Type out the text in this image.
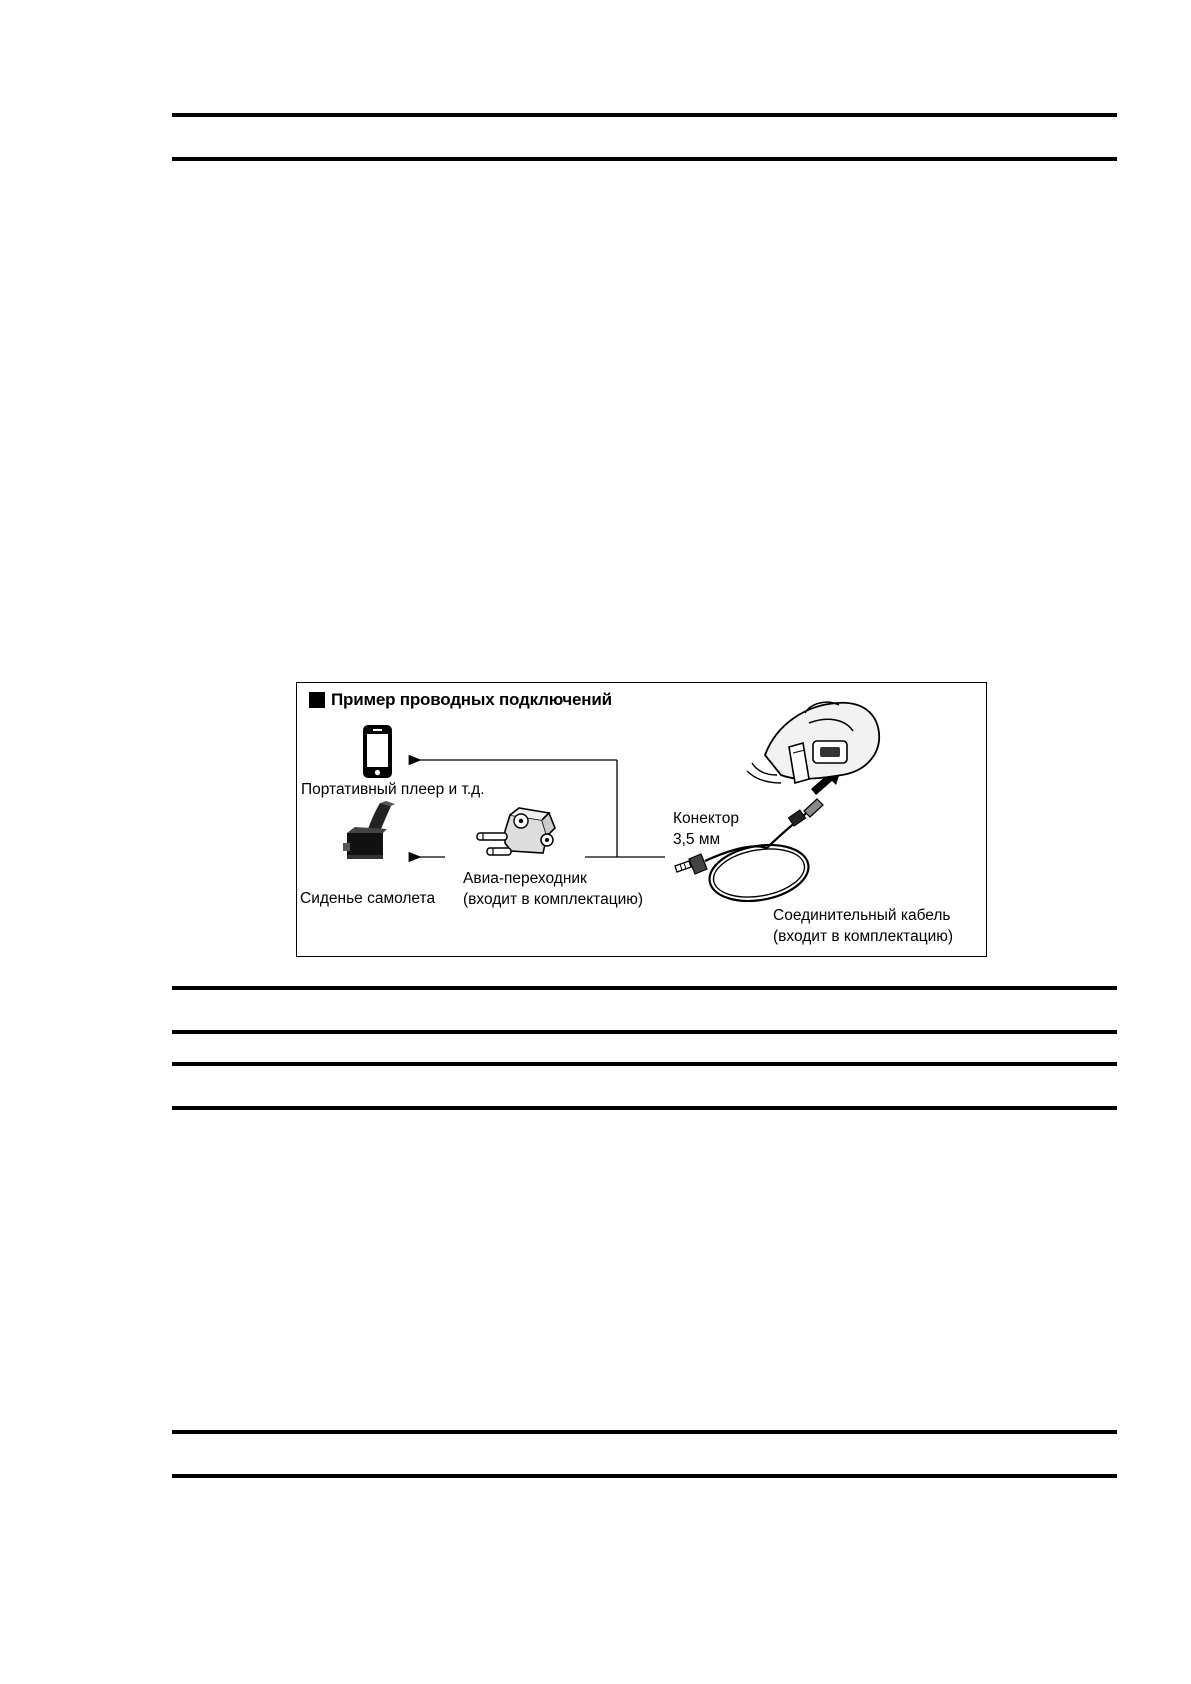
Пример проводных подключений
Портативный плеер и т.д.
Сиденье самолета
Авиа-переходник
(входит в комплектацию)
Конектор
3,5 мм
Соединительный кабель
(входит в комплектацию)
